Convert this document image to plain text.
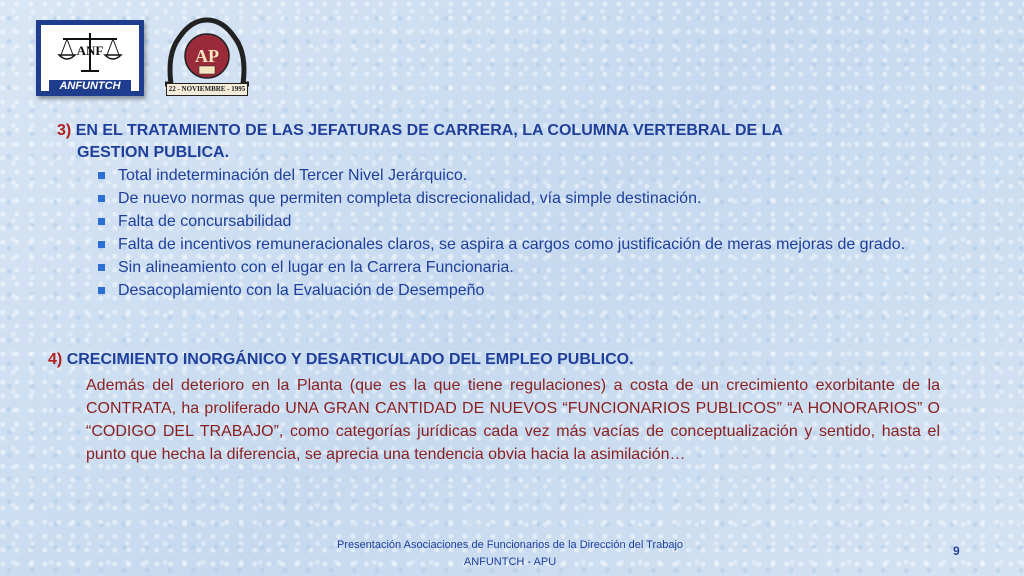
ANF
ANFUNTCH
AP
22 - NOVIEMBRE - 1995
3) EN EL TRATAMIENTO DE LAS JEFATURAS DE CARRERA, LA COLUMNA VERTEBRAL DE LA
GESTION PUBLICA.
Total indeterminación del Tercer Nivel Jerárquico.
De nuevo normas que permiten completa discrecionalidad, vía simple destinación.
Falta de concursabilidad
Falta de incentivos remuneracionales claros, se aspira a cargos como justificación de meras mejoras de grado.
Sin alineamiento con el lugar en la Carrera Funcionaria.
Desacoplamiento con la Evaluación de Desempeño
4) CRECIMIENTO INORGÁNICO Y DESARTICULADO DEL EMPLEO PUBLICO.

Además del deterioro en la Planta (que es la que tiene regulaciones) a costa de un crecimiento exorbitante de la CONTRATA, ha proliferado UNA GRAN CANTIDAD DE NUEVOS “FUNCIONARIOS PUBLICOS” “A HONORARIOS” O “CODIGO DEL TRABAJO”, como categorías jurídicas cada vez más vacías de conceptualización y sentido, hasta el punto que hecha la diferencia, se aprecia una tendencia obvia hacia la asimilación…

Presentación Asociaciones de Funcionarios de la Dirección del Trabajo
ANFUNTCH - APU
9
